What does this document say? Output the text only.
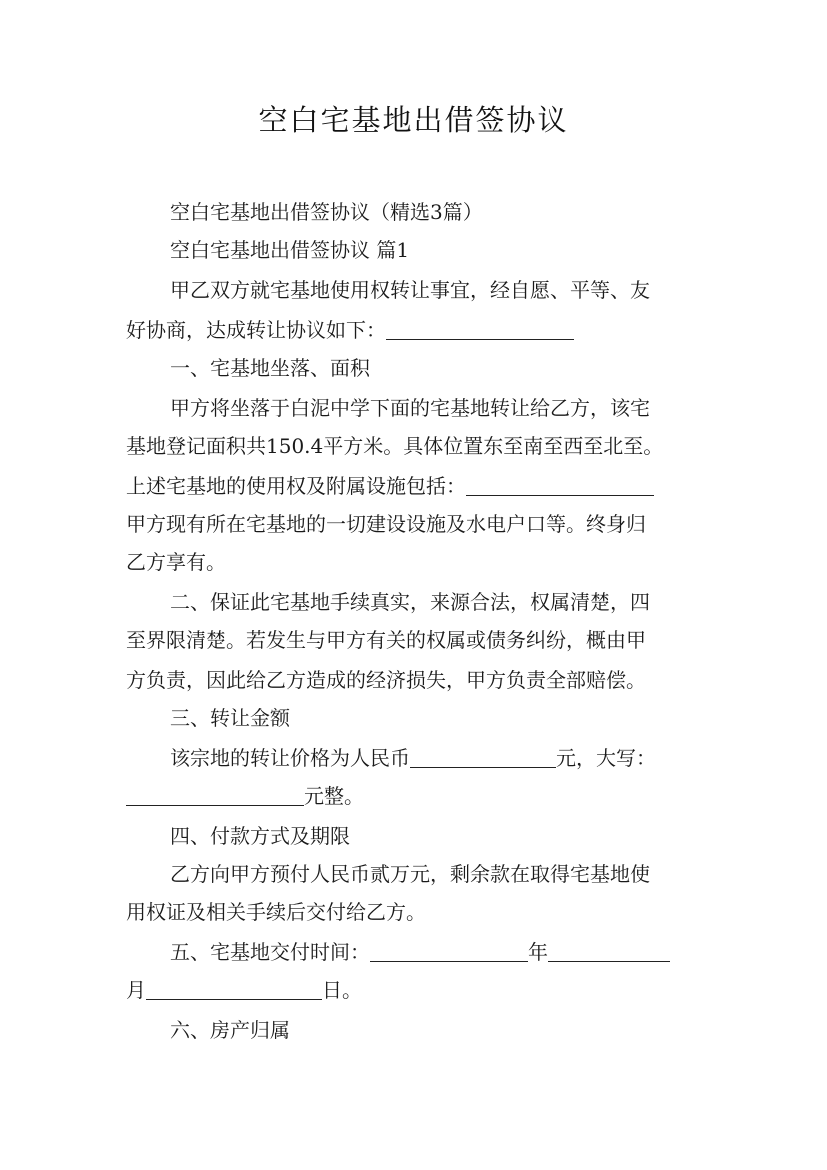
空白宅基地出借签协议
空白宅基地出借签协议（精选3篇）
空白宅基地出借签协议 篇1
甲乙双方就宅基地使用权转让事宜，经自愿、平等、友
好协商，达成转让协议如下：
一、宅基地坐落、面积
甲方将坐落于白泥中学下面的宅基地转让给乙方，该宅
基地登记面积共150.4平方米。具体位置东至南至西至北至。
上述宅基地的使用权及附属设施包括：
甲方现有所在宅基地的一切建设设施及水电户口等。终身归
乙方享有。
二、保证此宅基地手续真实，来源合法，权属清楚，四
至界限清楚。若发生与甲方有关的权属或债务纠纷，概由甲
方负责，因此给乙方造成的经济损失，甲方负责全部赔偿。
三、转让金额
该宗地的转让价格为人民币	元，大写：
元整。
四、付款方式及期限
乙方向甲方预付人民币贰万元，剩余款在取得宅基地使
用权证及相关手续后交付给乙方。
五、宅基地交付时间：	年
月	日。
六、房产归属
